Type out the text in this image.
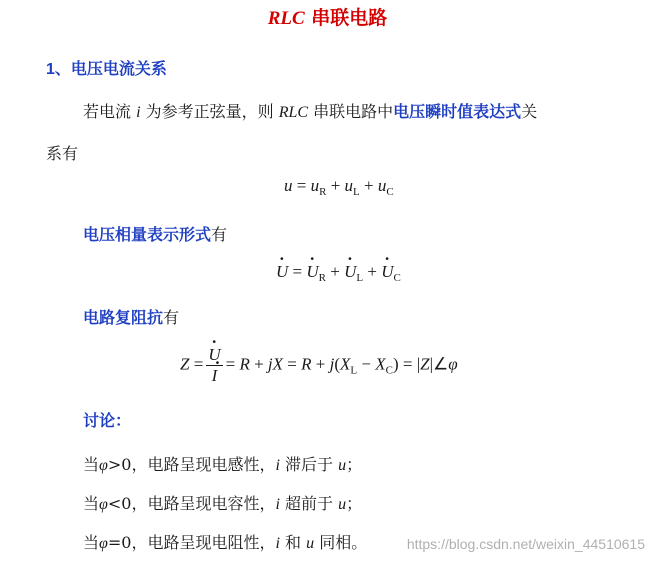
RLC 串联电路
1、电压电流关系
若电流 i 为参考正弦量，则 RLC 串联电路中电压瞬时值表达式关
系有
$u = u_R + u_L + u_C$
电压相量表示形式有
· U = · $U_R$ + · $U_L$ + · $U_C$
电路复阻抗有
Z =
· U
· I = R + jX = $R + j(X_L - X_C)$ = |Z|∠φ
讨论：
当φ>0，电路呈现电感性，i 滞后于 u；
当φ<0，电路呈现电容性，i 超前于 u；
当φ=0，电路呈现电阻性，i 和 u 同相。	https://blog.csdn.net/weixin_44510615
